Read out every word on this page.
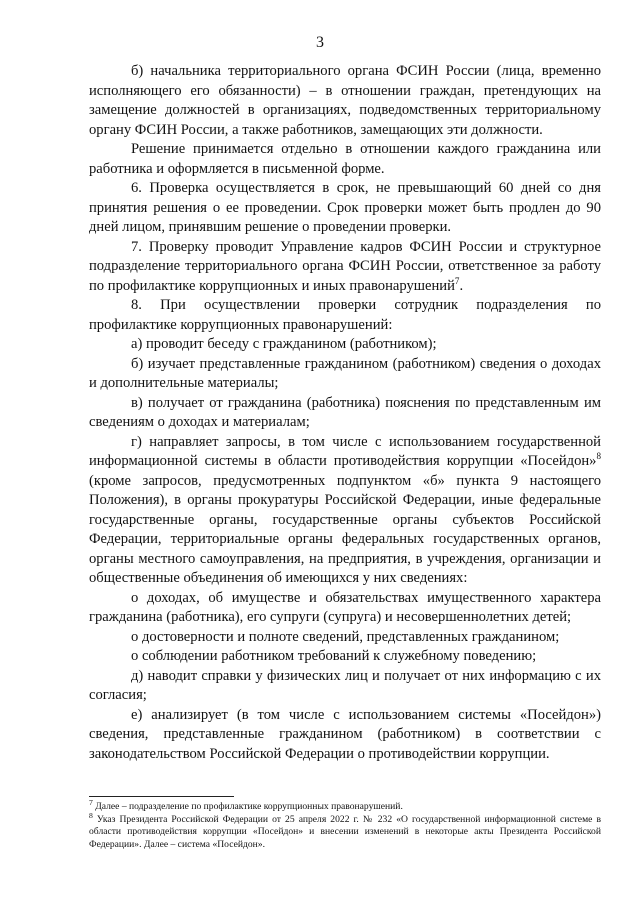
3

б) начальника территориального органа ФСИН России (лица, временно исполняющего его обязанности) – в отношении граждан, претендующих на замещение должностей в организациях, подведомственных территориальному органу ФСИН России, а также работников, замещающих эти должности.

Решение принимается отдельно в отношении каждого гражданина или работника и оформляется в письменной форме.

6. Проверка осуществляется в срок, не превышающий 60 дней со дня принятия решения о ее проведении. Срок проверки может быть продлен до 90 дней лицом, принявшим решение о проведении проверки.

7. Проверку проводит Управление кадров ФСИН России и структурное подразделение территориального органа ФСИН России, ответственное за работу по профилактике коррупционных и иных правонарушений$^7$.

8. При осуществлении проверки сотрудник подразделения по профилактике коррупционных правонарушений:

а) проводит беседу с гражданином (работником);

б) изучает представленные гражданином (работником) сведения о доходах и дополнительные материалы;

в) получает от гражданина (работника) пояснения по представленным им сведениям о доходах и материалам;

г) направляет запросы, в том числе с использованием государственной информационной системы в области противодействия коррупции «Посейдон»$^8$ (кроме запросов, предусмотренных подпунктом «б» пункта 9 настоящего Положения), в органы прокуратуры Российской Федерации, иные федеральные государственные органы, государственные органы субъектов Российской Федерации, территориальные органы федеральных государственных органов, органы местного самоуправления, на предприятия, в учреждения, организации и общественные объединения об имеющихся у них сведениях:

о доходах, об имуществе и обязательствах имущественного характера гражданина (работника), его супруги (супруга) и несовершеннолетних детей;

о достоверности и полноте сведений, представленных гражданином;

о соблюдении работником требований к служебному поведению;

д) наводит справки у физических лиц и получает от них информацию с их согласия;

е) анализирует (в том числе с использованием системы «Посейдон») сведения, представленные гражданином (работником) в соответствии с законодательством Российской Федерации о противодействии коррупции.

$^7$ Далее – подразделение по профилактике коррупционных правонарушений.

$^8$ Указ Президента Российской Федерации от 25 апреля 2022 г. № 232 «О государственной информационной системе в области противодействия коррупции «Посейдон» и внесении изменений в некоторые акты Президента Российской Федерации». Далее – система «Посейдон».
